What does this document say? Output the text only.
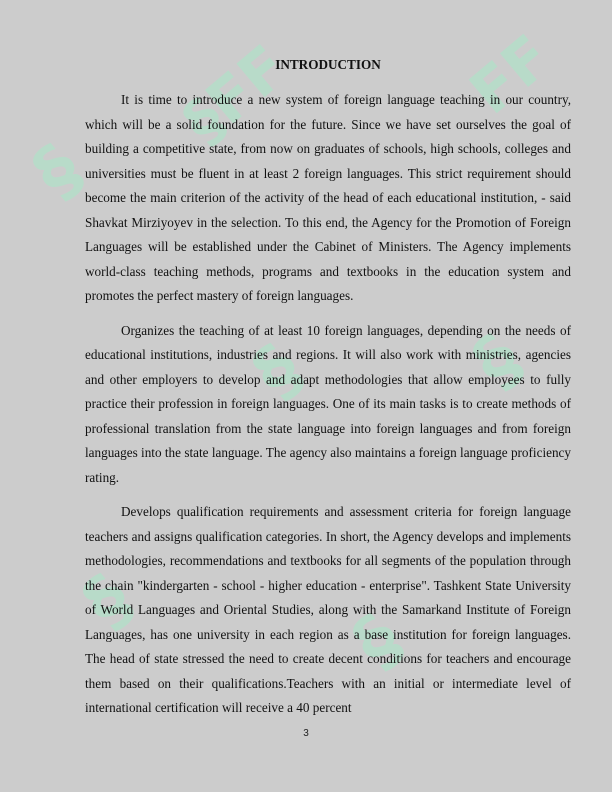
§FF	FF
§
§ §
§	§
INTRODUCTION

It is time to introduce a new system of foreign language teaching in our country, which will be a solid foundation for the future. Since we have set ourselves the goal of building a competitive state, from now on graduates of schools, high schools, colleges and universities must be fluent in at least 2 foreign languages. This strict requirement should become the main criterion of the activity of the head of each educational institution, - said Shavkat Mirziyoyev in the selection. To this end, the Agency for the Promotion of Foreign Languages will be established under the Cabinet of Ministers. The Agency implements world-class teaching methods, programs and textbooks in the education system and promotes the perfect mastery of foreign languages.

Organizes the teaching of at least 10 foreign languages, depending on the needs of educational institutions, industries and regions. It will also work with ministries, agencies and other employers to develop and adapt methodologies that allow employees to fully practice their profession in foreign languages. One of its main tasks is to create methods of professional translation from the state language into foreign languages and from foreign languages into the state language. The agency also maintains a foreign language proficiency rating.

Develops qualification requirements and assessment criteria for foreign language teachers and assigns qualification categories. In short, the Agency develops and implements methodologies, recommendations and textbooks for all segments of the population through the chain "kindergarten - school - higher education - enterprise". Tashkent State University of World Languages and Oriental Studies, along with the Samarkand Institute of Foreign Languages, has one university in each region as a base institution for foreign languages. The head of state stressed the need to create decent conditions for teachers and encourage them based on their qualifications.Teachers with an initial or intermediate level of international certification will receive a 40 percent

3
